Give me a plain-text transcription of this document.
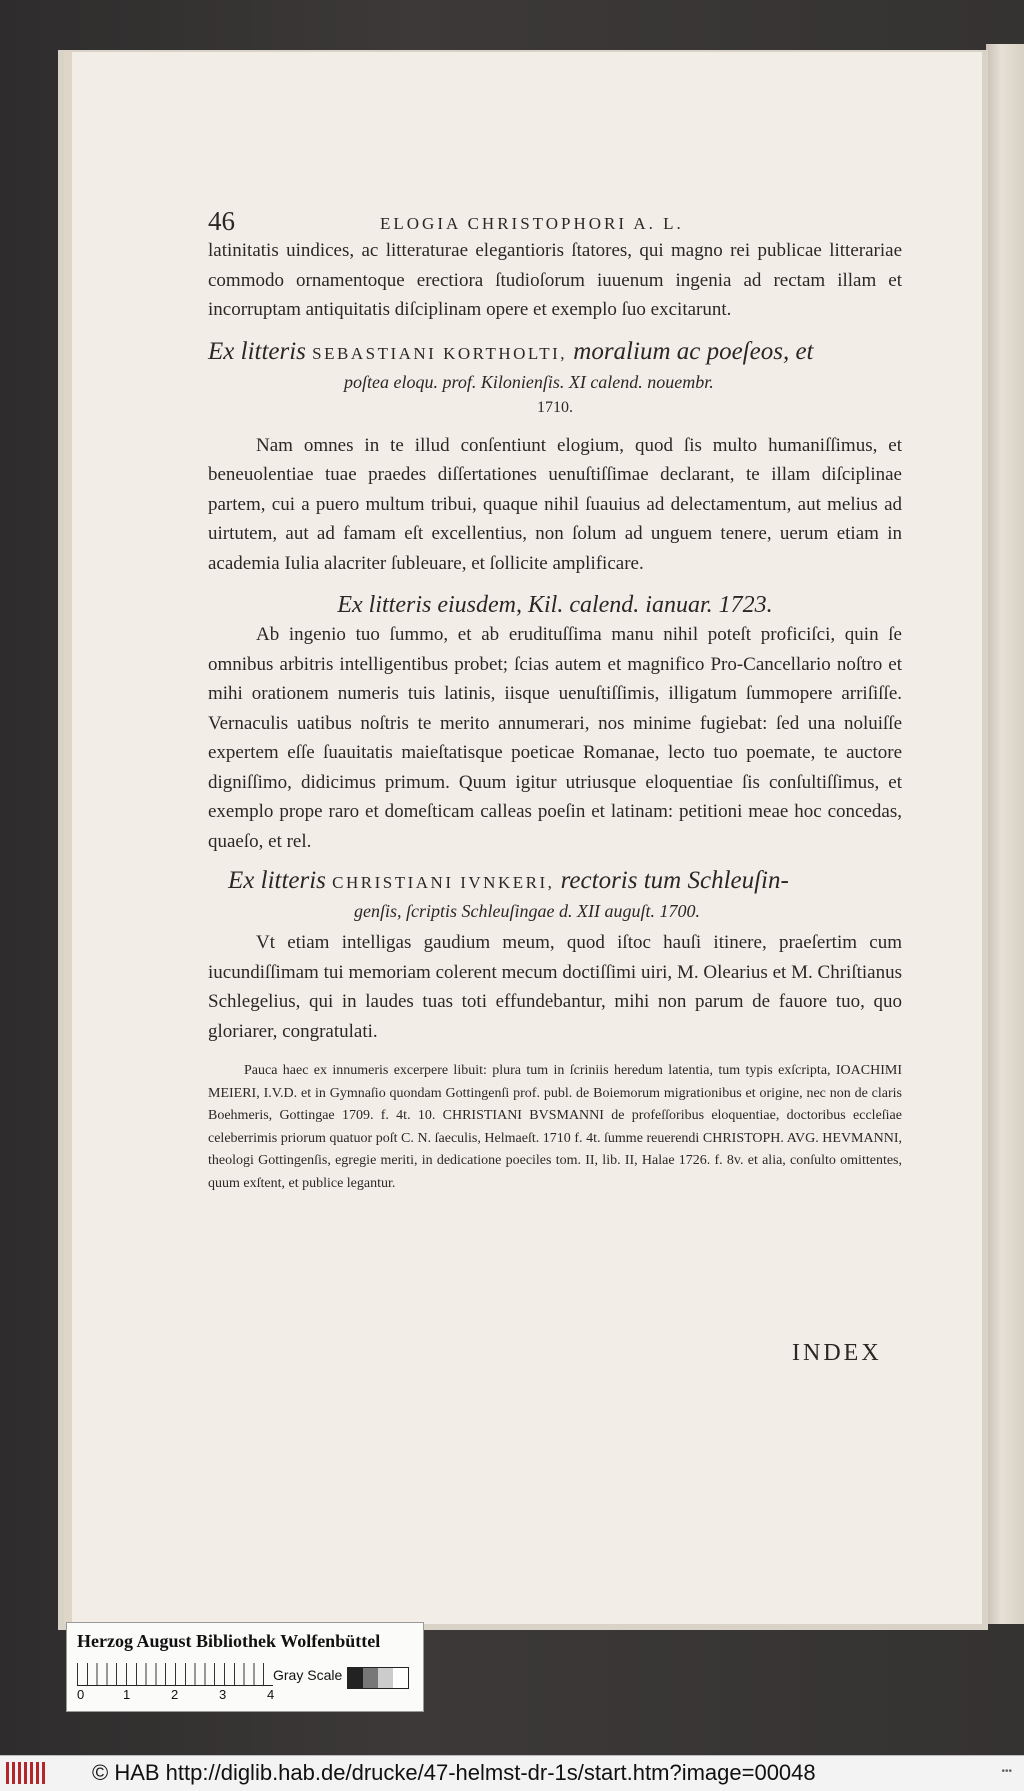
46	ELOGIA CHRISTOPHORI A. L.

latinitatis uindices, ac litteraturae elegantioris ſtatores, qui magno rei publicae litterariae commodo ornamentoque erectiora ſtudioſorum iuuenum ingenia ad rectam illam et incorruptam antiquitatis diſciplinam opere et exemplo ſuo excitarunt.

Ex litteris SEBASTIANI KORTHOLTI, moralium ac poeſeos, et

poſtea eloqu. prof. Kilonienſis. XI calend. nouembr.

1710.

Nam omnes in te illud conſentiunt elogium, quod ſis multo humaniſſimus, et beneuolentiae tuae praedes diſſertationes uenuſtiſſimae declarant, te illam diſciplinae partem, cui a puero multum tribui, quaque nihil ſuauius ad delectamentum, aut melius ad uirtutem, aut ad famam eſt excellentius, non ſolum ad unguem tenere, uerum etiam in academia Iulia alacriter ſubleuare, et ſollicite amplificare.

Ex litteris eiusdem, Kil. calend. ianuar. 1723.

Ab ingenio tuo ſummo, et ab erudituſſima manu nihil poteſt proficiſci, quin ſe omnibus arbitris intelligentibus probet; ſcias autem et magnifico Pro-Cancellario noſtro et mihi orationem numeris tuis latinis, iisque uenuſtiſſimis, illigatum ſummopere arriſiſſe. Vernaculis uatibus noſtris te merito annumerari, nos minime fugiebat: ſed una noluiſſe expertem eſſe ſuauitatis maieſtatisque poeticae Romanae, lecto tuo poemate, te auctore digniſſimo, didicimus primum. Quum igitur utriusque eloquentiae ſis conſultiſſimus, et exemplo prope raro et domeſticam calleas poeſin et latinam: petitioni meae hoc concedas, quaeſo, et rel.

Ex litteris CHRISTIANI IVNKERI, rectoris tum Schleuſin-

genſis, ſcriptis Schleuſingae d. XII auguſt. 1700.

Vt etiam intelligas gaudium meum, quod iſtoc hauſi itinere, praeſertim cum iucundiſſimam tui memoriam colerent mecum doctiſſimi uiri, M. Olearius et M. Chriſtianus Schlegelius, qui in laudes tuas toti effundebantur, mihi non parum de fauore tuo, quo gloriarer, congratulati.

Pauca haec ex innumeris excerpere libuit: plura tum in ſcriniis heredum latentia, tum typis exſcripta, IOACHIMI MEIERI, I.V.D. et in Gymnaſio quondam Gottingenſi prof. publ. de Boiemorum migrationibus et origine, nec non de claris Boehmeris, Gottingae 1709. f. 4t. 10. CHRISTIANI BVSMANNI de profeſſoribus eloquentiae, doctoribus eccleſiae celeberrimis priorum quatuor poſt C. N. ſaeculis, Helmaeſt. 1710 f. 4t. ſumme reuerendi CHRISTOPH. AVG. HEVMANNI, theologi Gottingenſis, egregie meriti, in dedicatione poeciles tom. II, lib. II, Halae 1726. f. 8v. et alia, conſulto omittentes, quum exſtent, et publice legantur.

INDEX
Herzog August Bibliothek Wolfenbüttel
0	1	2	3	4
Gray Scale
© HAB http://diglib.hab.de/drucke/47-helmst-dr-1s/start.htm?image=00048	•••
